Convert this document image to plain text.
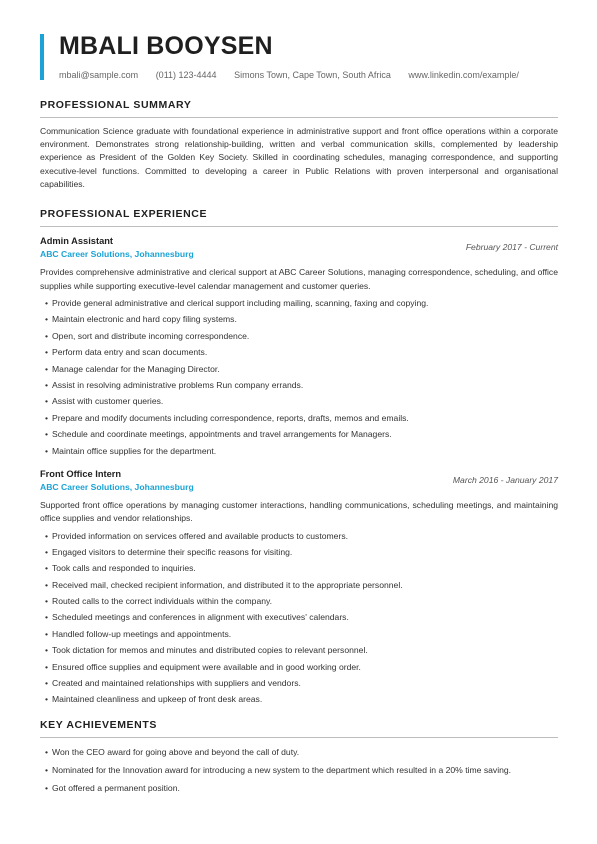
MBALI BOOYSEN
mbali@sample.com (011) 123-4444 Simons Town, Cape Town, South Africa www.linkedin.com/example/
PROFESSIONAL SUMMARY

Communication Science graduate with foundational experience in administrative support and front office operations within a corporate environment. Demonstrates strong relationship-building, written and verbal communication skills, complemented by leadership experience as President of the Golden Key Society. Skilled in coordinating schedules, managing correspondence, and supporting executive-level functions. Committed to developing a career in Public Relations with proven interpersonal and organisational capabilities.

PROFESSIONAL EXPERIENCE
Admin Assistant
ABC Career Solutions, Johannesburg
February 2017 - Current

Provides comprehensive administrative and clerical support at ABC Career Solutions, managing correspondence, scheduling, and office supplies while supporting executive-level calendar management and customer queries.

• Provide general administrative and clerical support including mailing, scanning, faxing and copying.
• Maintain electronic and hard copy filing systems.
• Open, sort and distribute incoming correspondence.
• Perform data entry and scan documents.
• Manage calendar for the Managing Director.
• Assist in resolving administrative problems Run company errands.
• Assist with customer queries.
• Prepare and modify documents including correspondence, reports, drafts, memos and emails.
• Schedule and coordinate meetings, appointments and travel arrangements for Managers.
• Maintain office supplies for the department.
Front Office Intern
ABC Career Solutions, Johannesburg
March 2016 - January 2017

Supported front office operations by managing customer interactions, handling communications, scheduling meetings, and maintaining office supplies and vendor relationships.

• Provided information on services offered and available products to customers.
• Engaged visitors to determine their specific reasons for visiting.
• Took calls and responded to inquiries.
• Received mail, checked recipient information, and distributed it to the appropriate personnel.
• Routed calls to the correct individuals within the company.
• Scheduled meetings and conferences in alignment with executives' calendars.
• Handled follow-up meetings and appointments.
• Took dictation for memos and minutes and distributed copies to relevant personnel.
• Ensured office supplies and equipment were available and in good working order.
• Created and maintained relationships with suppliers and vendors.
• Maintained cleanliness and upkeep of front desk areas.
KEY ACHIEVEMENTS
• Won the CEO award for going above and beyond the call of duty.
• Nominated for the Innovation award for introducing a new system to the department which resulted in a 20% time saving.
• Got offered a permanent position.
